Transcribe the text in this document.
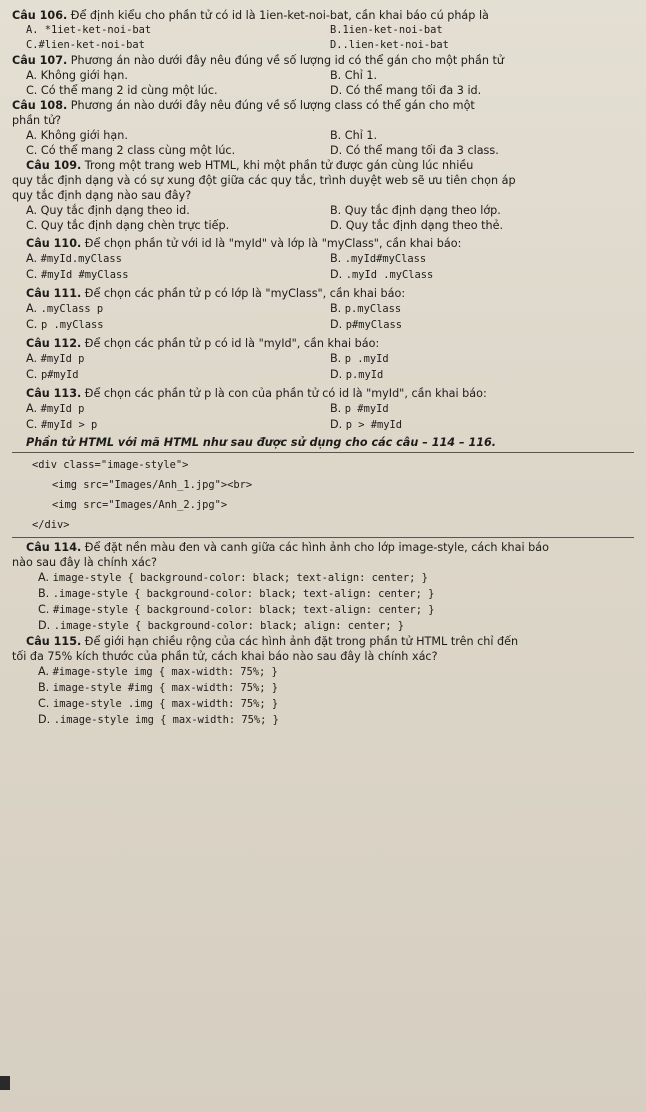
Câu 106. Để định kiểu cho phần tử có id là 1ien-ket-noi-bat, cần khai báo cú pháp là

A. *1iet-ket-noi-bat	B.1ien-ket-noi-bat
C.#lien-ket-noi-bat	D..lien-ket-noi-bat

Câu 107. Phương án nào dưới đây nêu đúng về số lượng id có thể gán cho một phần tử

A. Không giới hạn.	B. Chỉ 1.
C. Có thể mang 2 id cùng một lúc.	D. Có thể mang tối đa 3 id.

Câu 108. Phương án nào dưới đây nêu đúng về số lượng class có thể gán cho một

phần tử?

A. Không giới hạn.	B. Chỉ 1.
C. Có thể mang 2 class cùng một lúc.	D. Có thể mang tối đa 3 class.

Câu 109. Trong một trang web HTML, khi một phần tử được gán cùng lúc nhiều

quy tắc định dạng và có sự xung đột giữa các quy tắc, trình duyệt web sẽ ưu tiên chọn áp

quy tắc định dạng nào sau đây?

A. Quy tắc định dạng theo id.	B. Quy tắc định dạng theo lớp.
C. Quy tắc định dạng chèn trực tiếp.	D. Quy tắc định dạng theo thẻ.

Câu 110. Để chọn phần tử với id là "myId" và lớp là "myClass", cần khai báo:

A. #myId.myClass	B. .myId#myClass
C. #myId #myClass	D. .myId .myClass

Câu 111. Để chọn các phần tử p có lớp là "myClass", cần khai báo:

A. .myClass p	B. p.myClass
C. p .myClass	D. p#myClass

Câu 112. Để chọn các phần tử p có id là "myId", cần khai báo:

A. #myId p	B. p .myId
C. p#myId	D. p.myId

Câu 113. Để chọn các phần tử p là con của phần tử có id là "myId", cần khai báo:

A. #myId p	B. p #myId
C. #myId > p	D. p > #myId

Phần tử HTML với mã HTML như sau được sử dụng cho các câu – 114 – 116.

<div class="image-style">
<img src="Images/Anh_1.jpg"><br>
<img src="Images/Anh_2.jpg">
</div>

Câu 114. Để đặt nền màu đen và canh giữa các hình ảnh cho lớp image-style, cách khai báo

nào sau đây là chính xác?

A. image-style { background-color: black; text-align: center; }
B. .image-style { background-color: black; text-align: center; }
C. #image-style { background-color: black; text-align: center; }
D. .image-style { background-color: black; align: center; }

Câu 115. Để giới hạn chiều rộng của các hình ảnh đặt trong phần tử HTML trên chỉ đến

tối đa 75% kích thước của phần tử, cách khai báo nào sau đây là chính xác?

A. #image-style img { max-width: 75%; }
B. image-style #img { max-width: 75%; }
C. image-style .img { max-width: 75%; }
D. .image-style img { max-width: 75%; }
